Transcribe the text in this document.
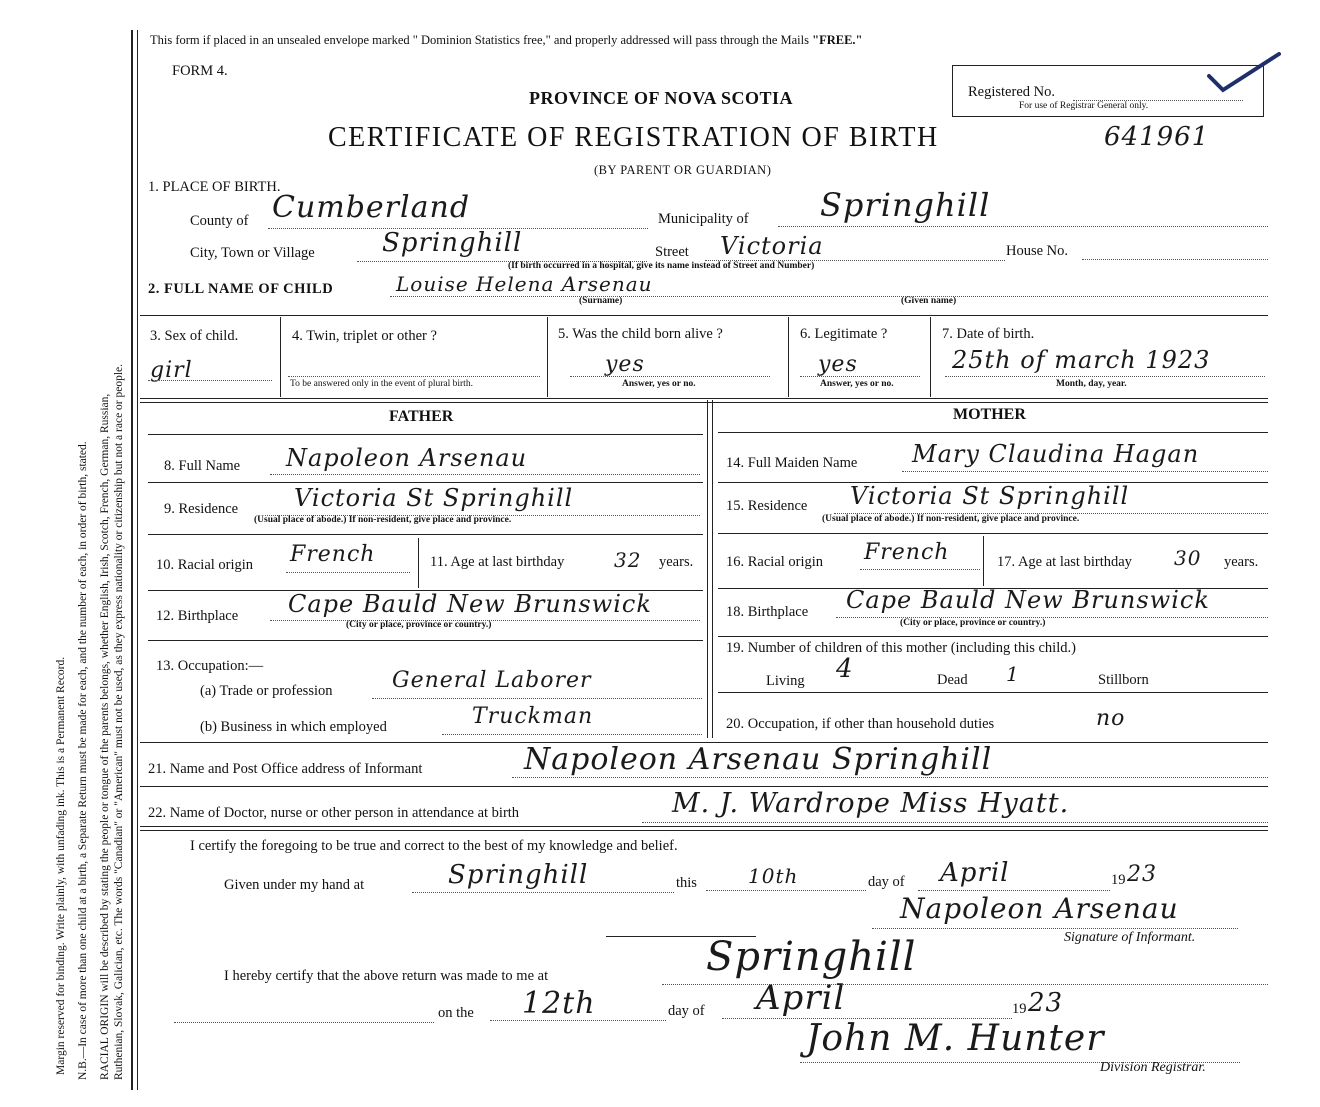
Margin reserved for binding. Write plainly, with unfading ink. This is a Permanent Record. N.B.—In case of more than one child at a birth, a Separate Return must be made for each, and the number of each, in order of birth, stated. RACIAL ORIGIN will be described by stating the people or tongue of the parents belongs, whether English, Irish, Scotch, French, German, Russian, Ruthenian, Slovak, Galician, etc. The words "Canadian" or "American" must not be used, as they express nationality or citizenship but not a race or people.
This form if placed in an unsealed envelope marked " Dominion Statistics free," and properly addressed will pass through the Mails "FREE."
FORM 4.
PROVINCE OF NOVA SCOTIA
CERTIFICATE OF REGISTRATION OF BIRTH	641961
(BY PARENT OR GUARDIAN)
Registered No.
For use of Registrar General only.
1. PLACE OF BIRTH.
County of Cumberland	Municipality of Springhill
City, Town or Village	Springhill	Street Victoria	House No.
(If birth occurred in a hospital, give its name instead of Street and Number)
2. FULL NAME OF CHILD	Louise Helena Arsenau
(Surname)	(Given name)
3. Sex of child.
girl
4. Twin, triplet or other ?
To be answered only in the event of plural birth.
5. Was the child born alive ?
yes
Answer, yes or no.
6. Legitimate ?
yes
Answer, yes or no.
7. Date of birth.
25th of march 1923
Month, day, year.
FATHER	MOTHER
8. Full Name Napoleon Arsenau
9. Residence Victoria St Springhill
(Usual place of abode.) If non-resident, give place and province.
10. Racial origin French	11. Age at last birthday 32 years.
12. Birthplace Cape Bauld New Brunswick
(City or place, province or country.)
13. Occupation:—
(a) Trade or profession	General Laborer
(b) Business in which employed	Truckman
14. Full Maiden Name Mary Claudina Hagan
15. Residence Victoria St Springhill
(Usual place of abode.) If non-resident, give place and province.
16. Racial origin French	17. Age at last birthday 30 years.
18. Birthplace Cape Bauld New Brunswick
(City or place, province or country.)
19. Number of children of this mother (including this child.)
Living 4	Dead 1	Stillborn
20. Occupation, if other than household duties	no
21. Name and Post Office address of Informant	Napoleon Arsenau Springhill
22. Name of Doctor, nurse or other person in attendance at birth	M. J. Wardrope Miss Hyatt.
I certify the foregoing to be true and correct to the best of my knowledge and belief.
Given under my hand at	Springhill	this	10th	day of April	19 23
Napoleon Arsenau
Signature of Informant.
I hereby certify that the above return was made to me at	Springhill
on the 12th	day of April	19 23
John M. Hunter
Division Registrar.
